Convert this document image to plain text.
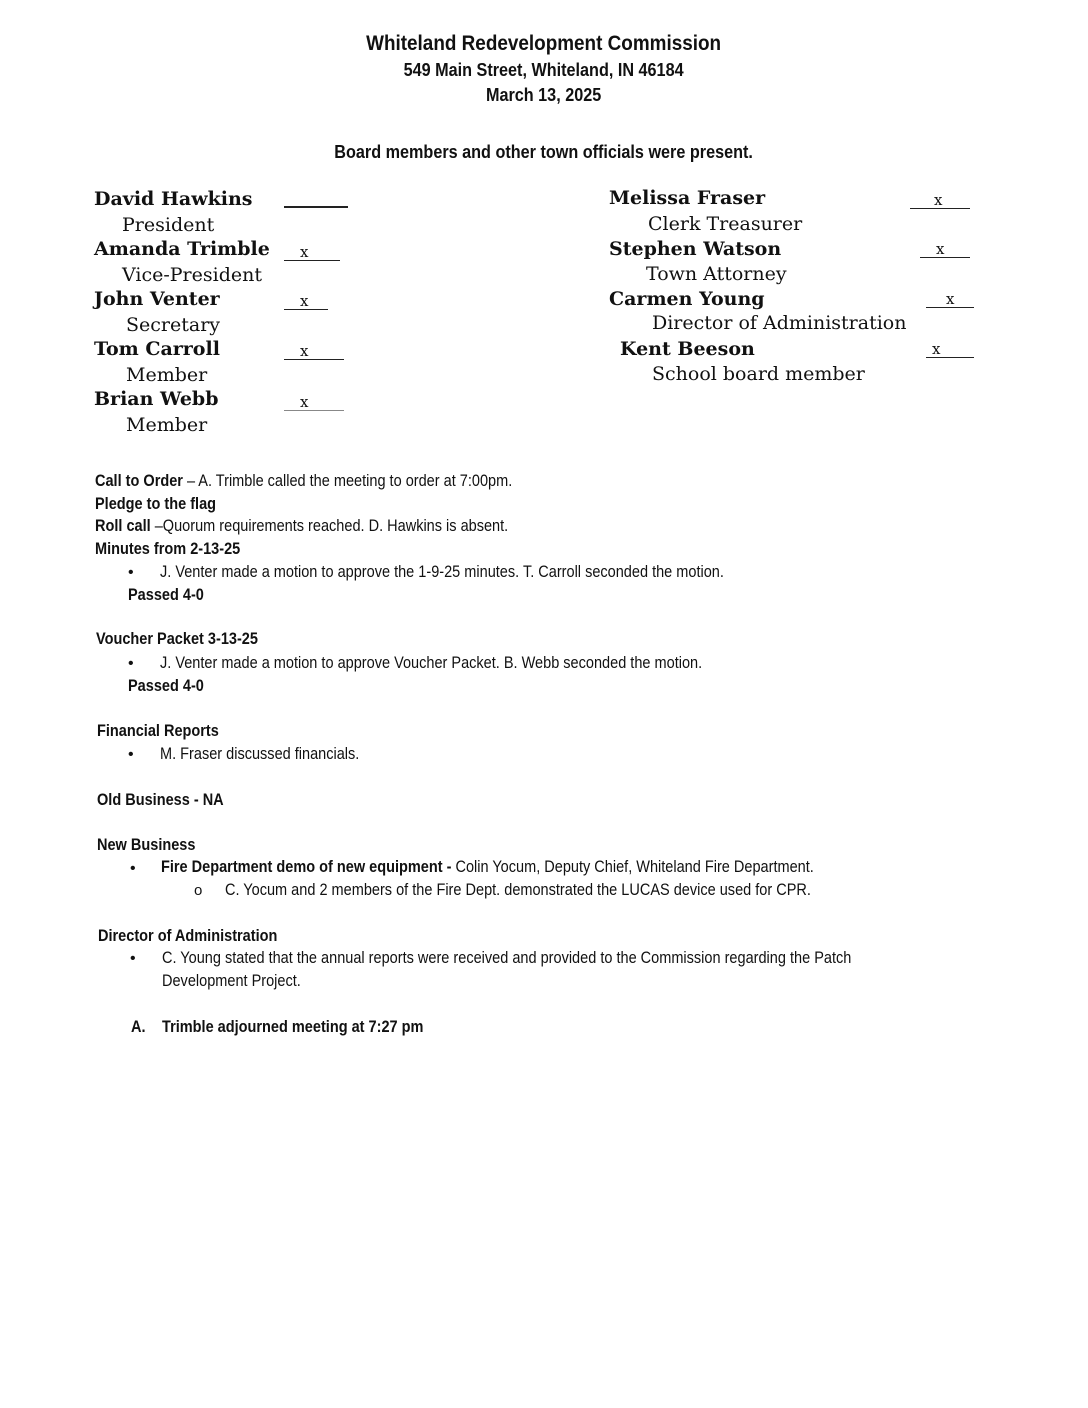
Whiteland Redevelopment Commission
549 Main Street, Whiteland, IN 46184
March 13, 2025
Board members and other town officials were present.
David Hawkins
President
Amanda Trimble
Vice-President
x
John Venter
Secretary
x
Tom Carroll
Member
x
Brian Webb
Member
x
Melissa Fraser
Clerk Treasurer
x
Stephen Watson
Town Attorney
x
Carmen Young
Director of Administration
x
Kent Beeson
School board member
x
Call to Order – A. Trimble called the meeting to order at 7:00pm.
Pledge to the flag
Roll call –Quorum requirements reached. D. Hawkins is absent.
Minutes from 2-13-25
• J. Venter made a motion to approve the 1-9-25 minutes. T. Carroll seconded the motion.
Passed 4-0
Voucher Packet 3-13-25
• J. Venter made a motion to approve Voucher Packet. B. Webb seconded the motion.
Passed 4-0
Financial Reports
• M. Fraser discussed financials.
Old Business - NA
New Business
• Fire Department demo of new equipment - Colin Yocum, Deputy Chief, Whiteland Fire Department.
o C. Yocum and 2 members of the Fire Dept. demonstrated the LUCAS device used for CPR.
Director of Administration
• C. Young stated that the annual reports were received and provided to the Commission regarding the Patch
Development Project.
A. Trimble adjourned meeting at 7:27 pm
